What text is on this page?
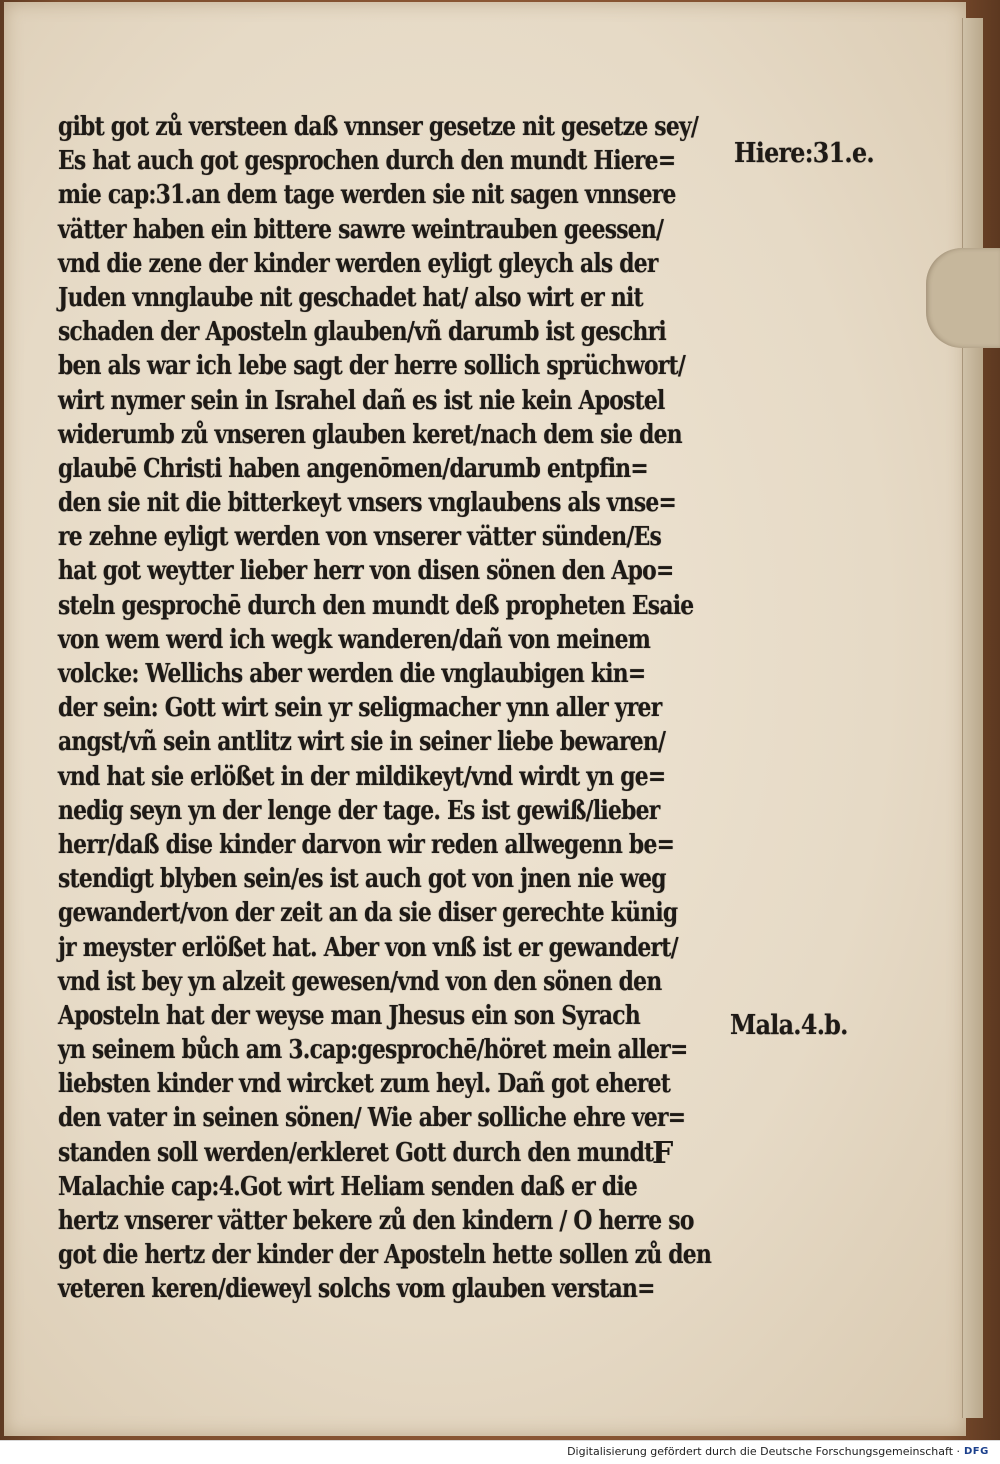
gibt got zů versteen daß vnnser gesetze nit gesetze sey/
Es hat auch got gesprochen durch den mundt Hiere=
mie cap:31.an dem tage werden sie nit sagen vnnsere
vätter haben ein bittere sawre weintrauben geessen/
vnd die zene der kinder werden eyligt gleych als der
Juden vnnglaube nit geschadet hat/ also wirt er nit
schaden der Aposteln glauben/vñ darumb ist geschri
ben als war ich lebe sagt der herre sollich sprüchwort/
wirt nymer sein in Israhel dañ es ist nie kein Apostel
widerumb zů vnseren glauben keret/nach dem sie den
glaubē Christi haben angenōmen/darumb entpfin=
den sie nit die bitterkeyt vnsers vnglaubens als vnse=
re zehne eyligt werden von vnserer vätter sünden/Es
hat got weytter lieber herr von disen sönen den Apo=
steln gesprochē durch den mundt deß propheten Esaie
von wem werd ich wegk wanderen/dañ von meinem
volcke: Wellichs aber werden die vnglaubigen kin=
der sein: Gott wirt sein yr seligmacher ynn aller yrer
angst/vñ sein antlitz wirt sie in seiner liebe bewaren/
vnd hat sie erlößet in der mildikeyt/vnd wirdt yn ge=
nedig seyn yn der lenge der tage. Es ist gewiß/lieber
herr/daß dise kinder darvon wir reden allwegenn be=
stendigt blyben sein/es ist auch got von jnen nie weg
gewandert/von der zeit an da sie diser gerechte künig
jr meyster erlößet hat. Aber von vnß ist er gewandert/
vnd ist bey yn alzeit gewesen/vnd von den sönen den
Aposteln hat der weyse man Jhesus ein son Syrach
yn seinem bůch am 3.cap:gesprochē/höret mein aller=
liebsten kinder vnd wircket zum heyl. Dañ got eheret
den vater in seinen sönen/ Wie aber solliche ehre ver=
standen soll werden/erkleret Gott durch den mundt
Malachie cap:4.Got wirt Heliam senden daß er die
hertz vnserer vätter bekere zů den kindern / O herre so
got die hertz der kinder der Aposteln hette sollen zů den
veteren keren/dieweyl solchs vom glauben verstan=
Hiere:31.e.
Mala.4.b.
F
Digitalisierung gefördert durch die Deutsche Forschungsgemeinschaft · DFG
